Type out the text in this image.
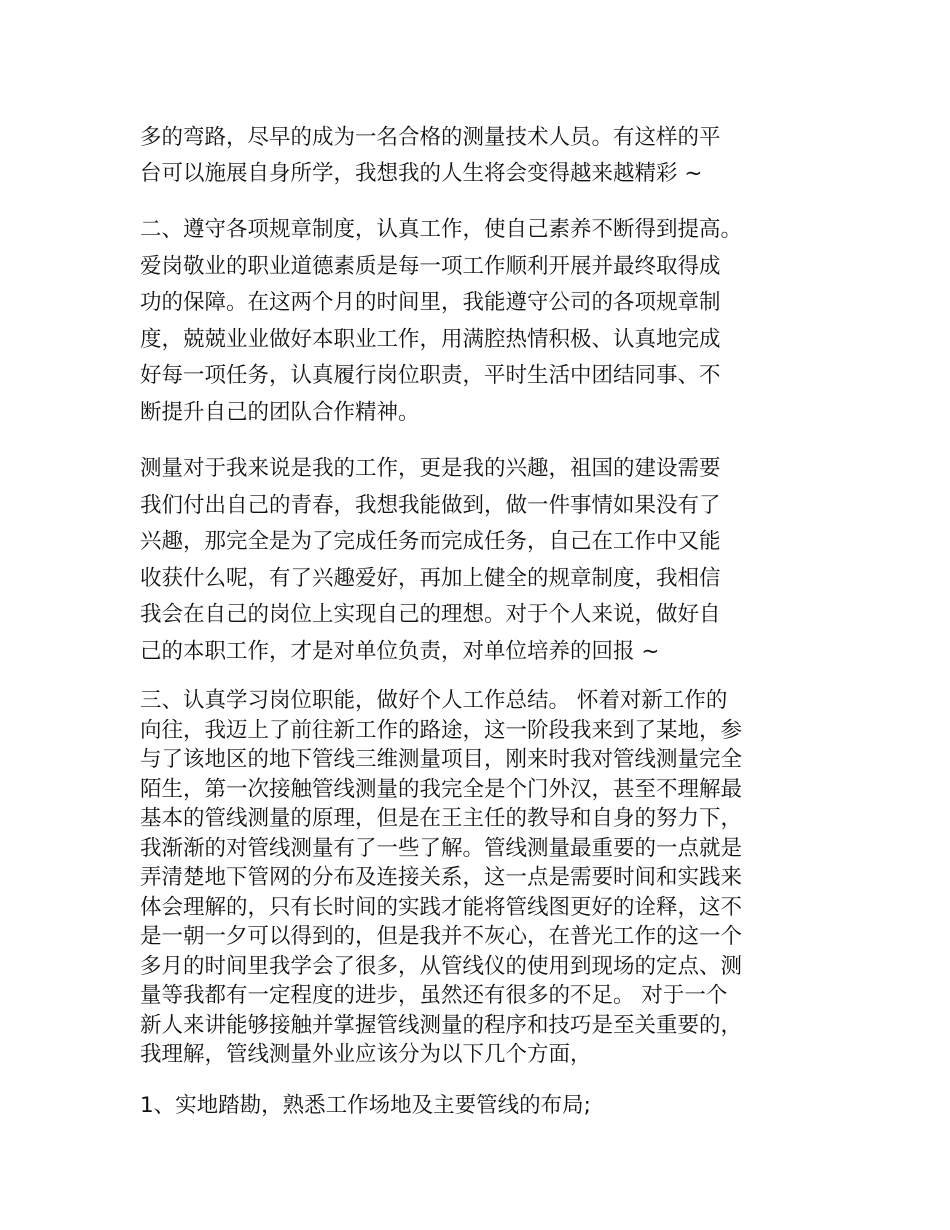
多的弯路，尽早的成为一名合格的测量技术人员。有这样的平
台可以施展自身所学，我想我的人生将会变得越来越精彩 ~
二、遵守各项规章制度，认真工作，使自己素养不断得到提高。
爱岗敬业的职业道德素质是每一项工作顺利开展并最终取得成
功的保障。在这两个月的时间里，我能遵守公司的各项规章制
度，兢兢业业做好本职业工作，用满腔热情积极、认真地完成
好每一项任务，认真履行岗位职责，平时生活中团结同事、不
断提升自己的团队合作精神。
测量对于我来说是我的工作，更是我的兴趣，祖国的建设需要
我们付出自己的青春，我想我能做到，做一件事情如果没有了
兴趣，那完全是为了完成任务而完成任务，自己在工作中又能
收获什么呢，有了兴趣爱好，再加上健全的规章制度，我相信
我会在自己的岗位上实现自己的理想。对于个人来说，做好自
己的本职工作，才是对单位负责，对单位培养的回报 ~
三、认真学习岗位职能，做好个人工作总结。 怀着对新工作的
向往，我迈上了前往新工作的路途，这一阶段我来到了某地，参
与了该地区的地下管线三维测量项目，刚来时我对管线测量完全
陌生，第一次接触管线测量的我完全是个门外汉，甚至不理解最
基本的管线测量的原理，但是在王主任的教导和自身的努力下，
我渐渐的对管线测量有了一些了解。管线测量最重要的一点就是
弄清楚地下管网的分布及连接关系，这一点是需要时间和实践来
体会理解的，只有长时间的实践才能将管线图更好的诠释，这不
是一朝一夕可以得到的，但是我并不灰心，在普光工作的这一个
多月的时间里我学会了很多，从管线仪的使用到现场的定点、测
量等我都有一定程度的进步，虽然还有很多的不足。 对于一个
新人来讲能够接触并掌握管线测量的程序和技巧是至关重要的，
我理解，管线测量外业应该分为以下几个方面，
1、实地踏勘，熟悉工作场地及主要管线的布局;
